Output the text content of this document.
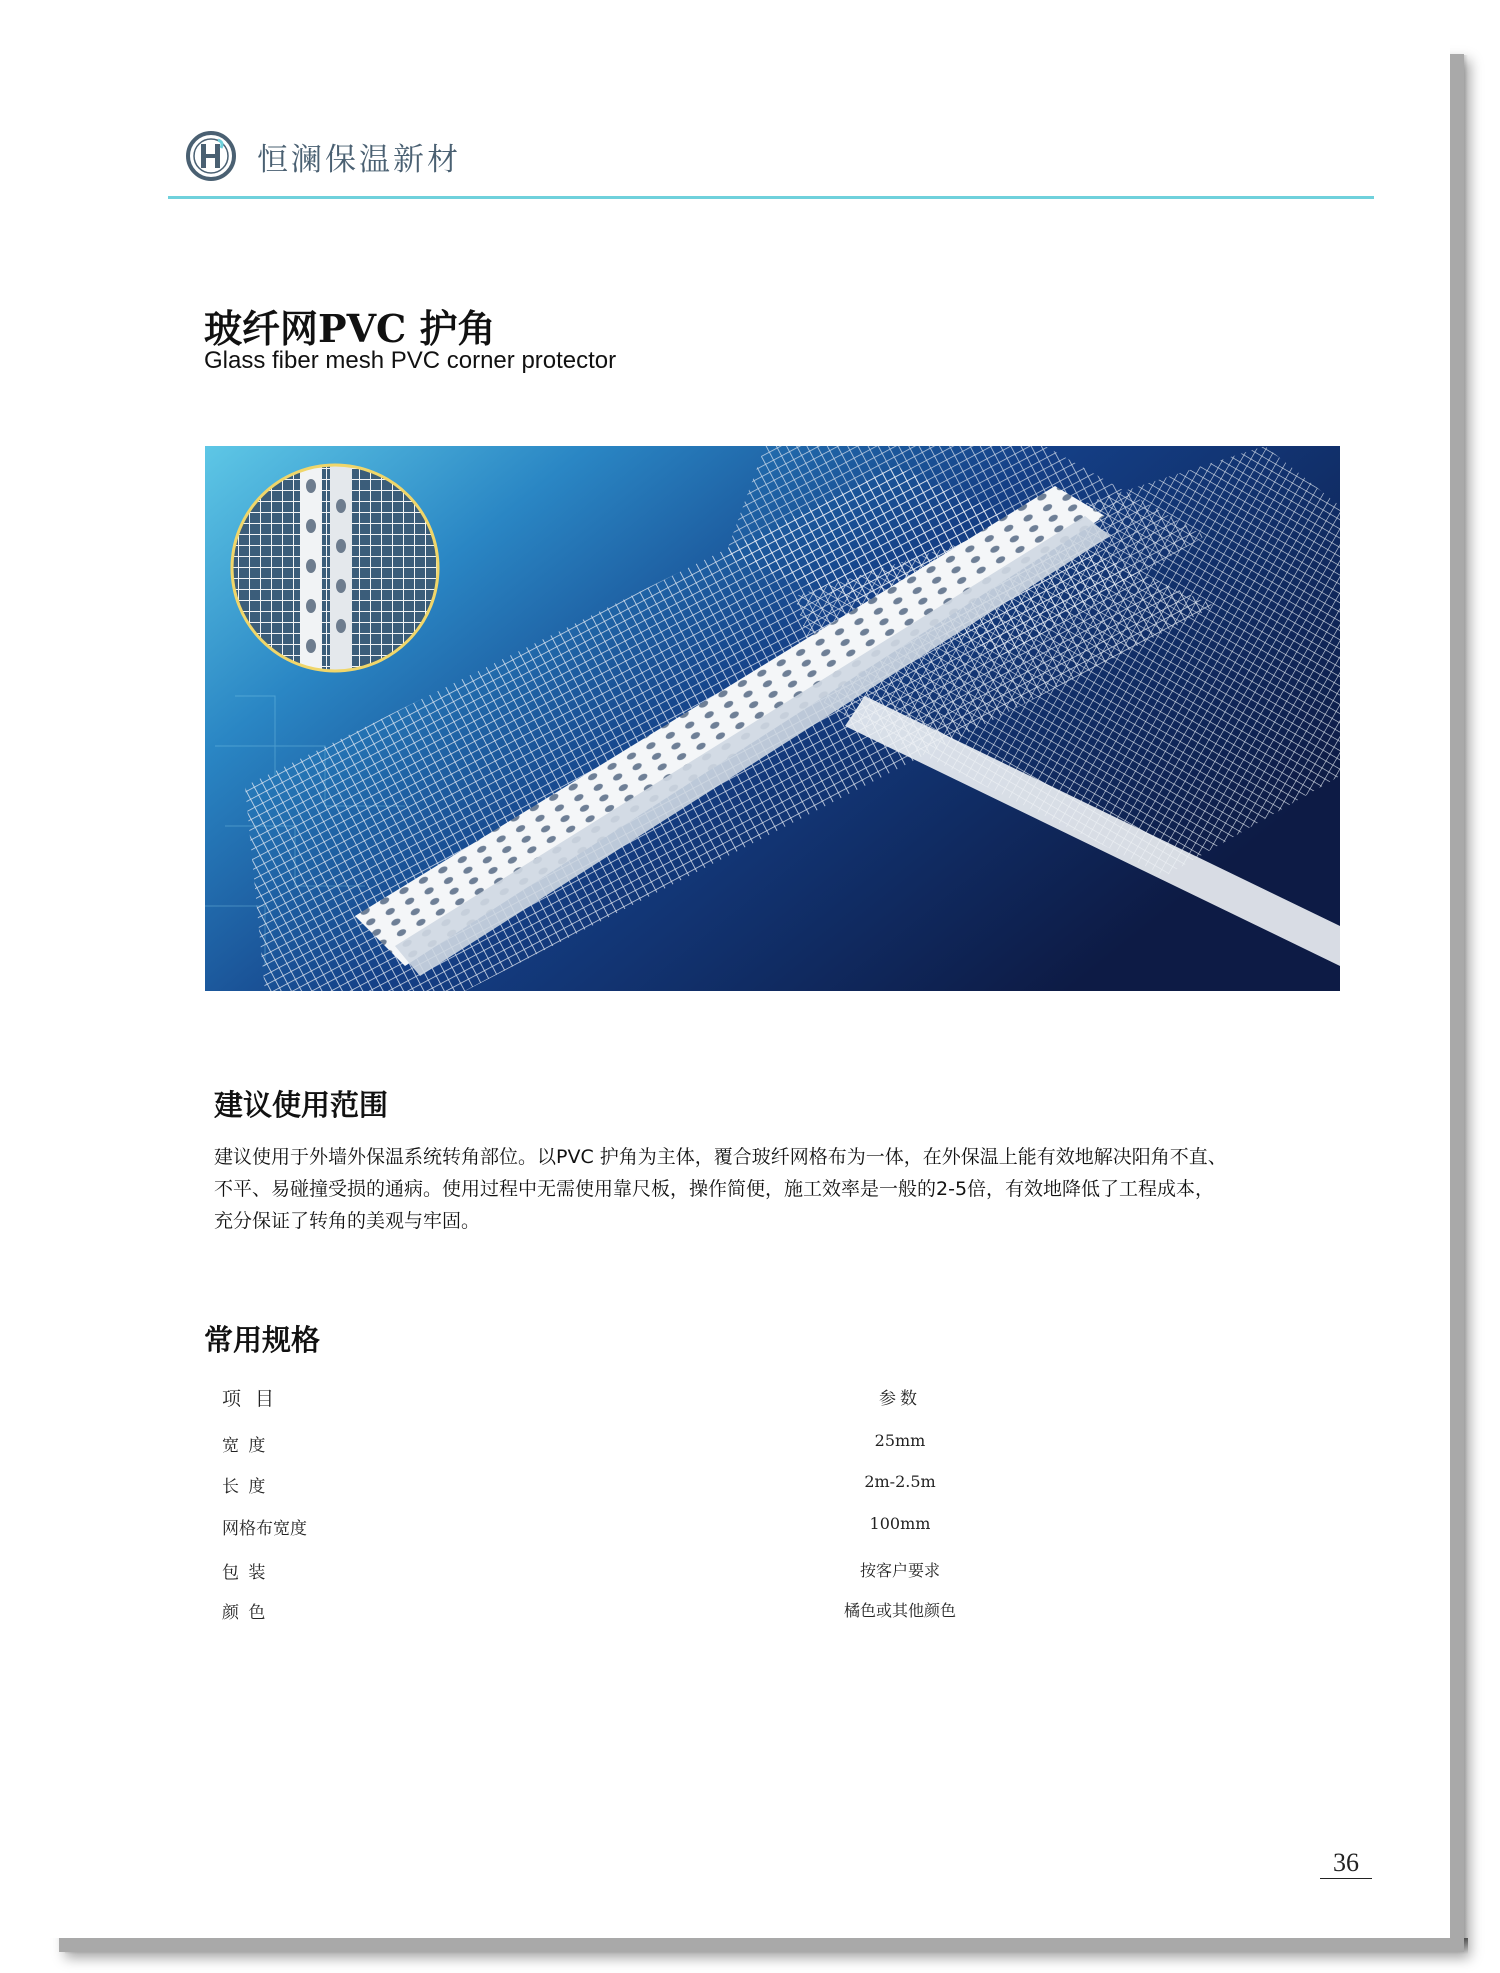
恒澜保温新材
玻纤网PVC 护角
Glass fiber mesh PVC corner protector
建议使用范围
建议使用于外墙外保温系统转角部位。以PVC 护角为主体，覆合玻纤网格布为一体，在外保温上能有效地解决阳角不直、
不平、易碰撞受损的通病。使用过程中无需使用靠尺板，操作简便，施工效率是一般的2-5倍，有效地降低了工程成本，
充分保证了转角的美观与牢固。
常用规格
项目	参数
宽 度	25mm
长 度	2m-2.5m
网格布宽度	100mm
包 装	按客户要求
颜 色	橘色或其他颜色
36
